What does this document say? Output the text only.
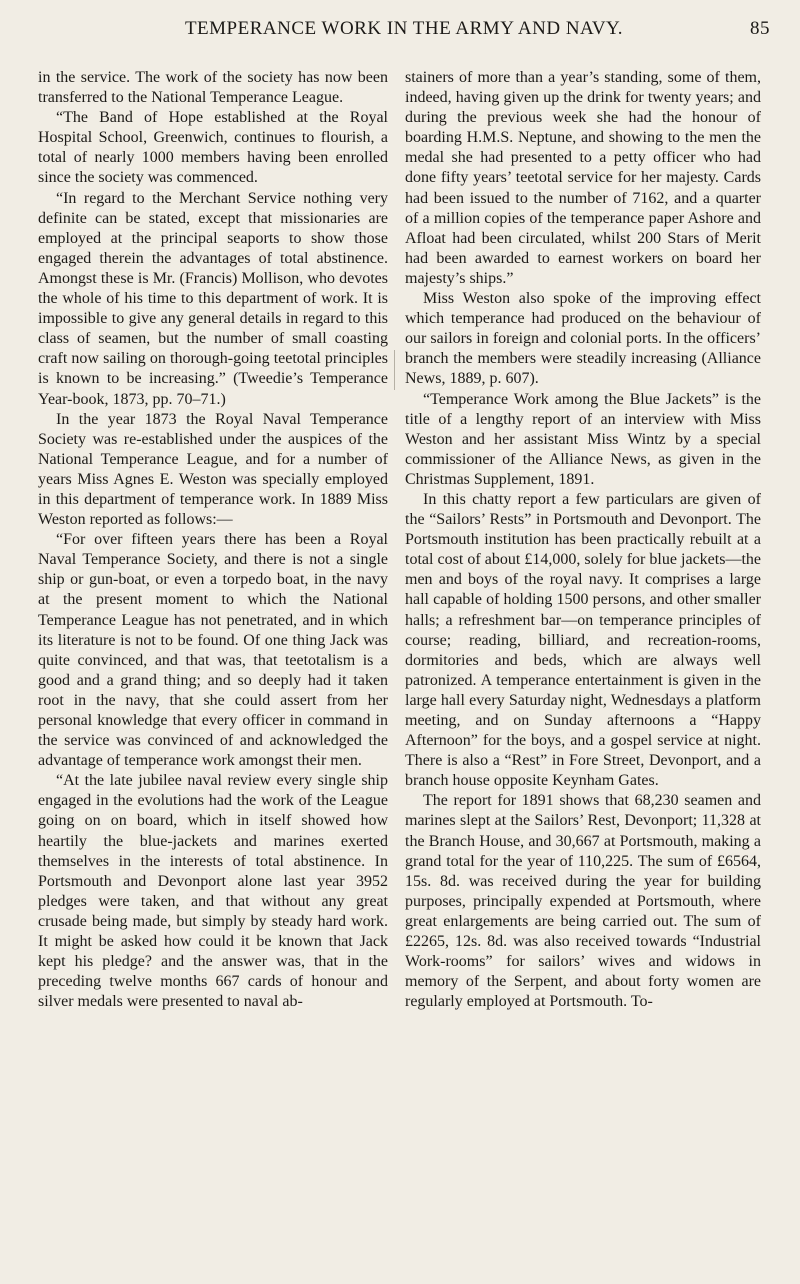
TEMPERANCE WORK IN THE ARMY AND NAVY.	85

in the service. The work of the society has now been transferred to the National Temperance League.

“The Band of Hope established at the Royal Hospital School, Greenwich, continues to flourish, a total of nearly 1000 members having been enrolled since the society was commenced.

“In regard to the Merchant Service nothing very definite can be stated, except that missionaries are employed at the principal seaports to show those engaged therein the advantages of total abstinence. Amongst these is Mr. (Francis) Mollison, who devotes the whole of his time to this department of work. It is impossible to give any general details in regard to this class of seamen, but the number of small coasting craft now sailing on thorough-going teetotal principles is known to be increasing.” (Tweedie’s Temperance Year-book, 1873, pp. 70–71.)

In the year 1873 the Royal Naval Temperance Society was re-established under the auspices of the National Temperance League, and for a number of years Miss Agnes E. Weston was specially employed in this department of temperance work. In 1889 Miss Weston reported as follows:—

“For over fifteen years there has been a Royal Naval Temperance Society, and there is not a single ship or gun-boat, or even a torpedo boat, in the navy at the present moment to which the National Temperance League has not penetrated, and in which its literature is not to be found. Of one thing Jack was quite convinced, and that was, that teetotalism is a good and a grand thing; and so deeply had it taken root in the navy, that she could assert from her personal knowledge that every officer in command in the service was convinced of and acknowledged the advantage of temperance work amongst their men.

“At the late jubilee naval review every single ship engaged in the evolutions had the work of the League going on on board, which in itself showed how heartily the blue-jackets and marines exerted themselves in the interests of total abstinence. In Portsmouth and Devonport alone last year 3952 pledges were taken, and that without any great crusade being made, but simply by steady hard work. It might be asked how could it be known that Jack kept his pledge? and the answer was, that in the preceding twelve months 667 cards of honour and silver medals were presented to naval ab-

stainers of more than a year’s standing, some of them, indeed, having given up the drink for twenty years; and during the previous week she had the honour of boarding H.M.S. Neptune, and showing to the men the medal she had presented to a petty officer who had done fifty years’ teetotal service for her majesty. Cards had been issued to the number of 7162, and a quarter of a million copies of the temperance paper Ashore and Afloat had been circulated, whilst 200 Stars of Merit had been awarded to earnest workers on board her majesty’s ships.”

Miss Weston also spoke of the improving effect which temperance had produced on the behaviour of our sailors in foreign and colonial ports. In the officers’ branch the members were steadily increasing (Alliance News, 1889, p. 607).

“Temperance Work among the Blue Jackets” is the title of a lengthy report of an interview with Miss Weston and her assistant Miss Wintz by a special commissioner of the Alliance News, as given in the Christmas Supplement, 1891.

In this chatty report a few particulars are given of the “Sailors’ Rests” in Portsmouth and Devonport. The Portsmouth institution has been practically rebuilt at a total cost of about £14,000, solely for blue jackets—the men and boys of the royal navy. It comprises a large hall capable of holding 1500 persons, and other smaller halls; a refreshment bar—on temperance principles of course; reading, billiard, and recreation-rooms, dormitories and beds, which are always well patronized. A temperance entertainment is given in the large hall every Saturday night, Wednesdays a platform meeting, and on Sunday afternoons a “Happy Afternoon” for the boys, and a gospel service at night. There is also a “Rest” in Fore Street, Devonport, and a branch house opposite Keynham Gates.

The report for 1891 shows that 68,230 seamen and marines slept at the Sailors’ Rest, Devonport; 11,328 at the Branch House, and 30,667 at Portsmouth, making a grand total for the year of 110,225. The sum of £6564, 15s. 8d. was received during the year for building purposes, principally expended at Portsmouth, where great enlargements are being carried out. The sum of £2265, 12s. 8d. was also received towards “Industrial Work-rooms” for sailors’ wives and widows in memory of the Serpent, and about forty women are regularly employed at Portsmouth. To-
